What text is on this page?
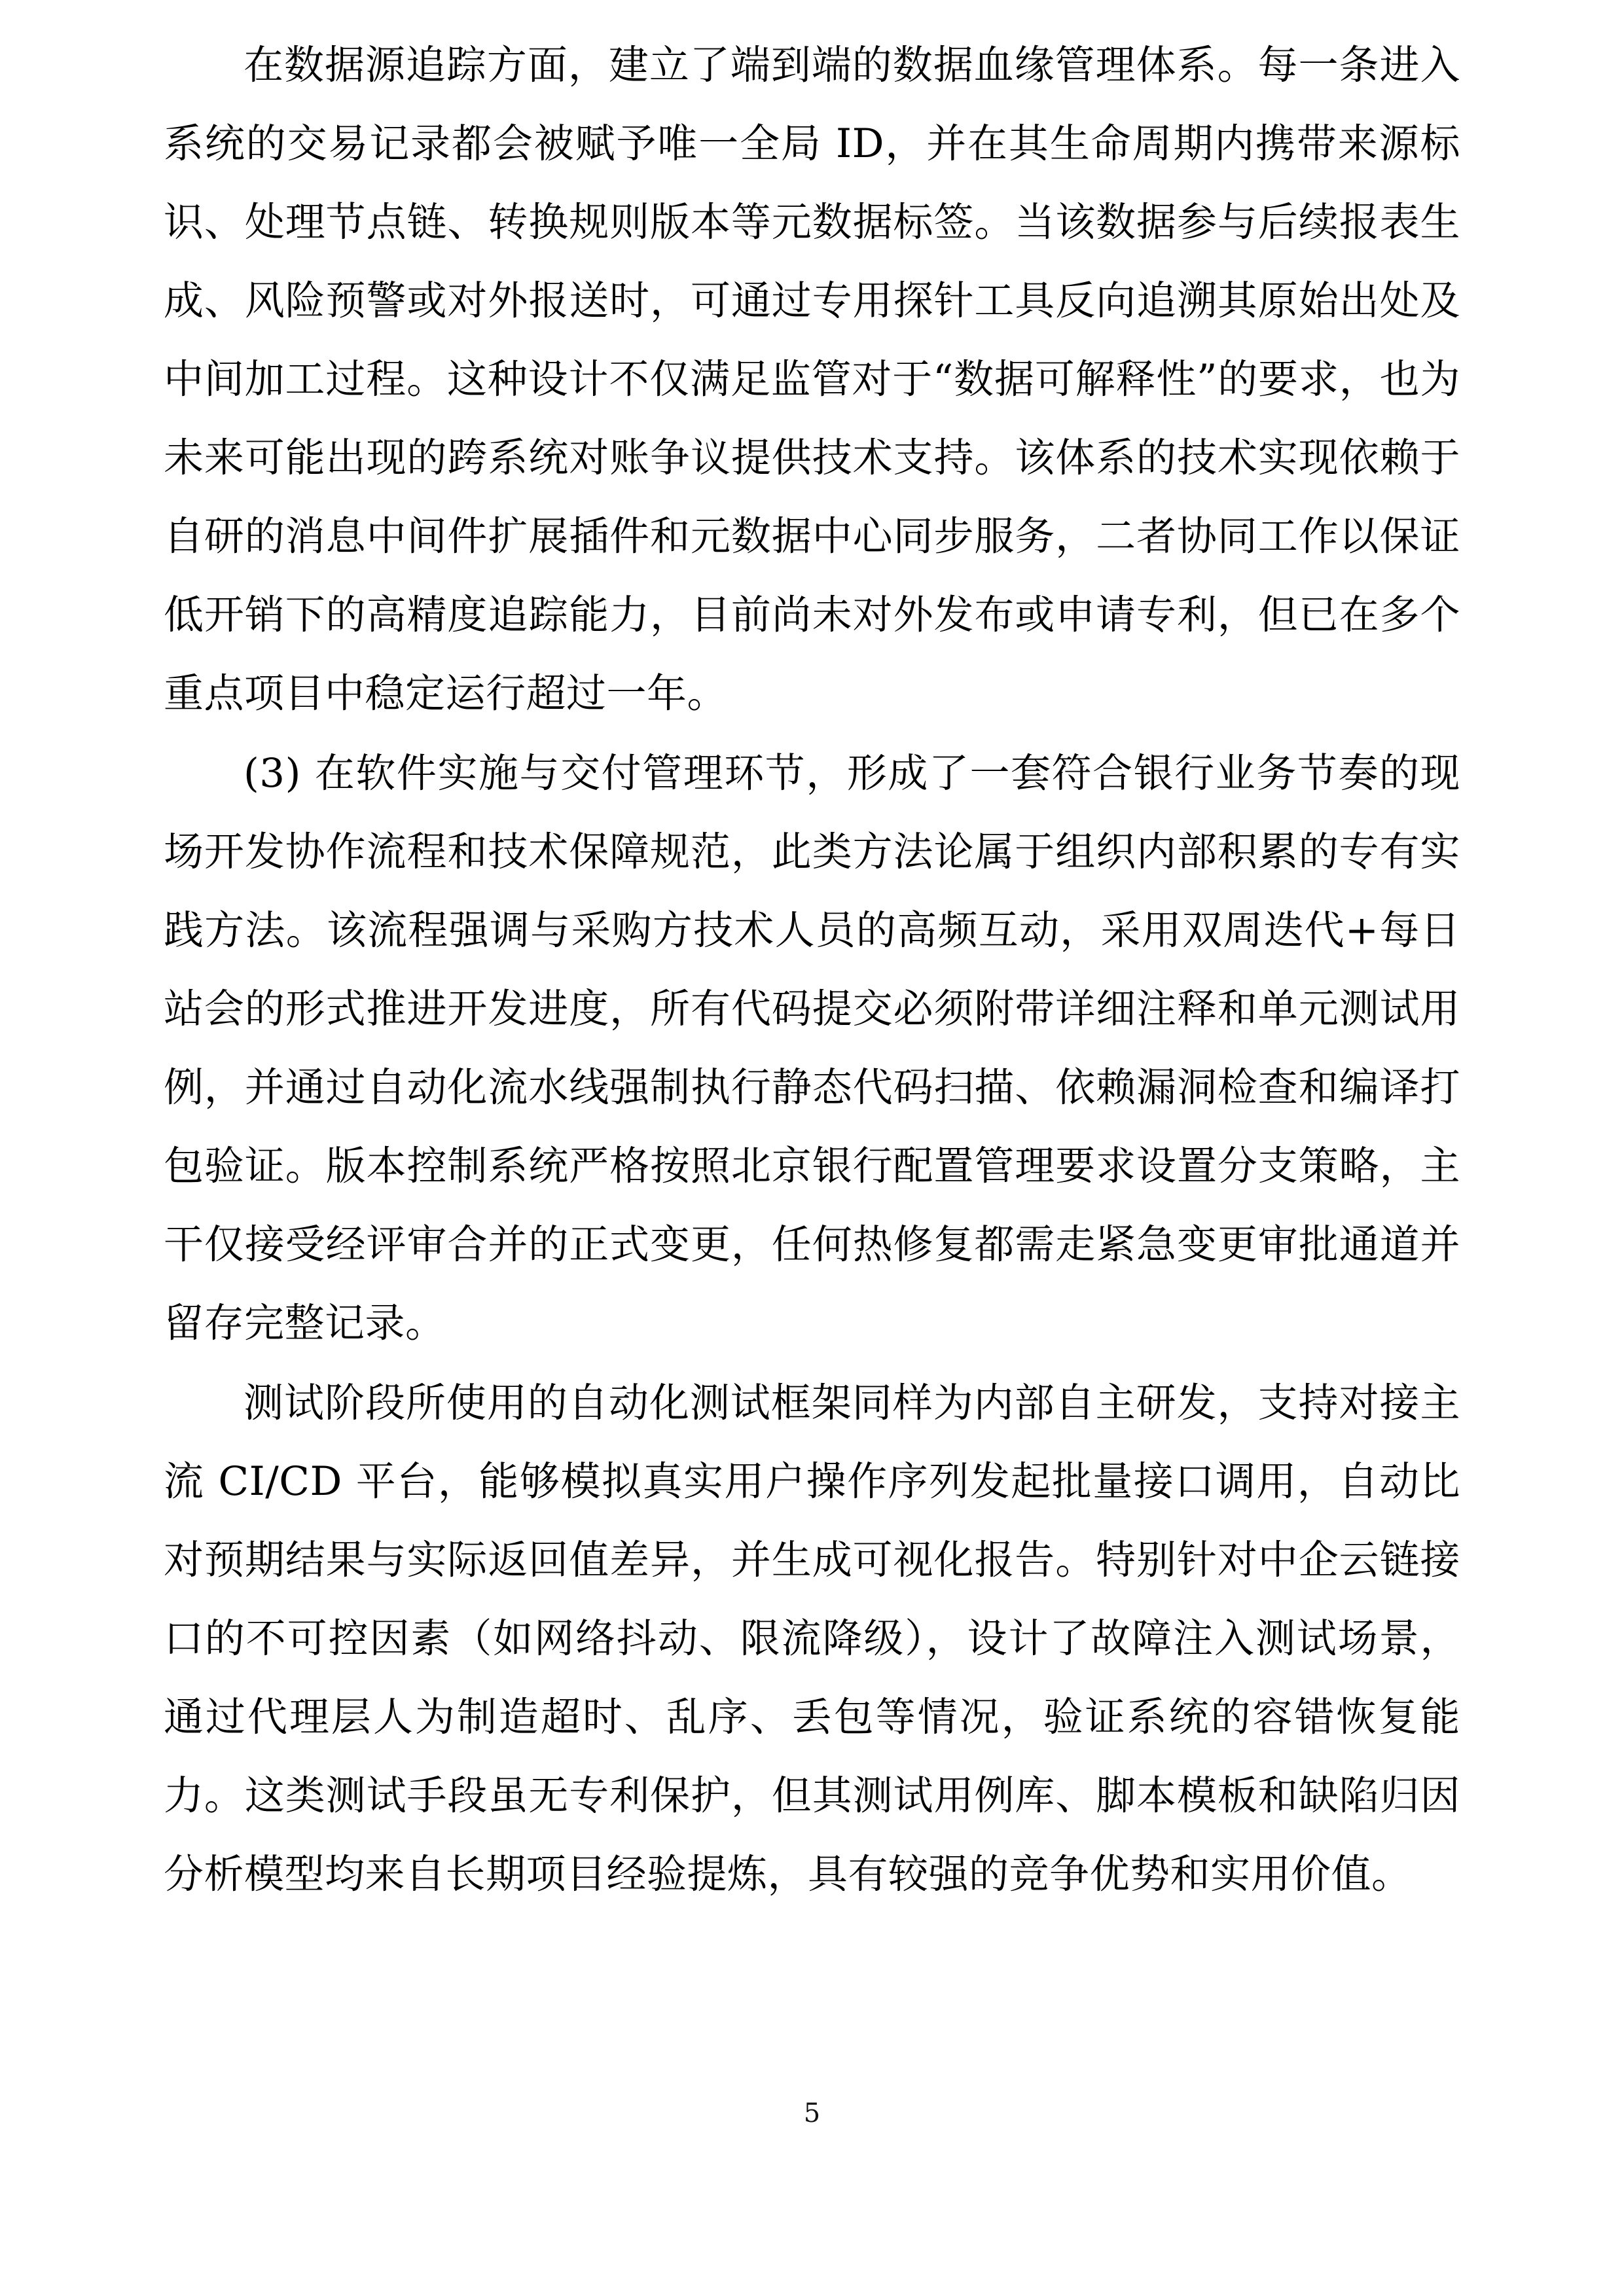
在数据源追踪方面，建立了端到端的数据血缘管理体系。每一条进入系统的交易记录都会被赋予唯一全局 ID，并在其生命周期内携带来源标识、处理节点链、转换规则版本等元数据标签。当该数据参与后续报表生成、风险预警或对外报送时，可通过专用探针工具反向追溯其原始出处及中间加工过程。这种设计不仅满足监管对于“数据可解释性”的要求，也为未来可能出现的跨系统对账争议提供技术支持。该体系的技术实现依赖于自研的消息中间件扩展插件和元数据中心同步服务，二者协同工作以保证低开销下的高精度追踪能力，目前尚未对外发布或申请专利，但已在多个重点项目中稳定运行超过一年。

(3) 在软件实施与交付管理环节，形成了一套符合银行业务节奏的现场开发协作流程和技术保障规范，此类方法论属于组织内部积累的专有实践方法。该流程强调与采购方技术人员的高频互动，采用双周迭代+每日站会的形式推进开发进度，所有代码提交必须附带详细注释和单元测试用例，并通过自动化流水线强制执行静态代码扫描、依赖漏洞检查和编译打包验证。版本控制系统严格按照北京银行配置管理要求设置分支策略，主干仅接受经评审合并的正式变更，任何热修复都需走紧急变更审批通道并留存完整记录。

测试阶段所使用的自动化测试框架同样为内部自主研发，支持对接主流 CI/CD 平台，能够模拟真实用户操作序列发起批量接口调用，自动比对预期结果与实际返回值差异，并生成可视化报告。特别针对中企云链接口的不可控因素（如网络抖动、限流降级），设计了故障注入测试场景，通过代理层人为制造超时、乱序、丢包等情况，验证系统的容错恢复能力。这类测试手段虽无专利保护，但其测试用例库、脚本模板和缺陷归因分析模型均来自长期项目经验提炼，具有较强的竞争优势和实用价值。

5
